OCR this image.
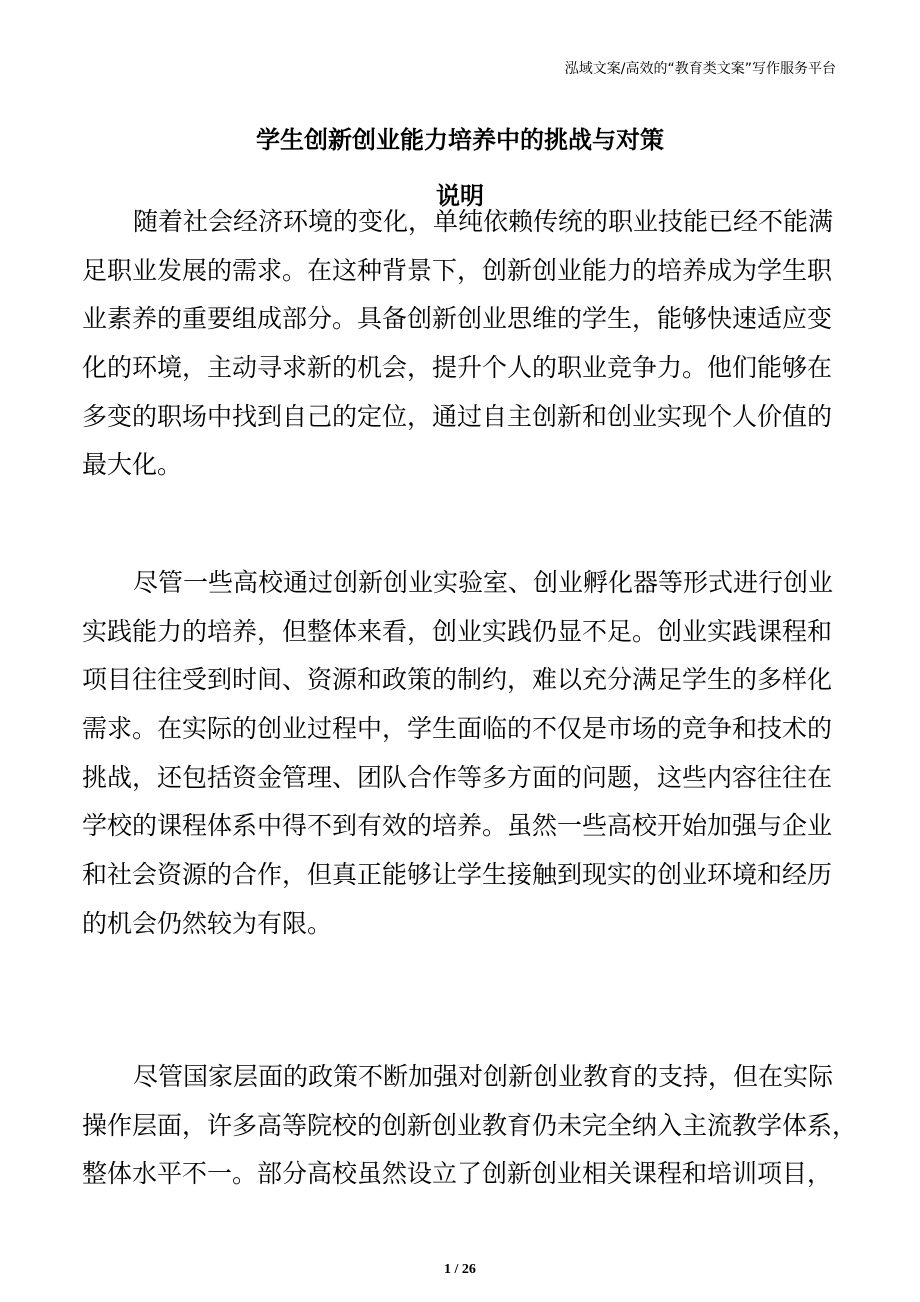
泓域文案/高效的“教育类文案”写作服务平台
学生创新创业能力培养中的挑战与对策
说明
随着社会经济环境的变化，单纯依赖传统的职业技能已经不能满
足职业发展的需求。在这种背景下，创新创业能力的培养成为学生职
业素养的重要组成部分。具备创新创业思维的学生，能够快速适应变
化的环境，主动寻求新的机会，提升个人的职业竞争力。他们能够在
多变的职场中找到自己的定位，通过自主创新和创业实现个人价值的
最大化。
尽管一些高校通过创新创业实验室、创业孵化器等形式进行创业
实践能力的培养，但整体来看，创业实践仍显不足。创业实践课程和
项目往往受到时间、资源和政策的制约，难以充分满足学生的多样化
需求。在实际的创业过程中，学生面临的不仅是市场的竞争和技术的
挑战，还包括资金管理、团队合作等多方面的问题，这些内容往往在
学校的课程体系中得不到有效的培养。虽然一些高校开始加强与企业
和社会资源的合作，但真正能够让学生接触到现实的创业环境和经历
的机会仍然较为有限。
尽管国家层面的政策不断加强对创新创业教育的支持，但在实际
操作层面，许多高等院校的创新创业教育仍未完全纳入主流教学体系，
整体水平不一。部分高校虽然设立了创新创业相关课程和培训项目，
1 / 26
